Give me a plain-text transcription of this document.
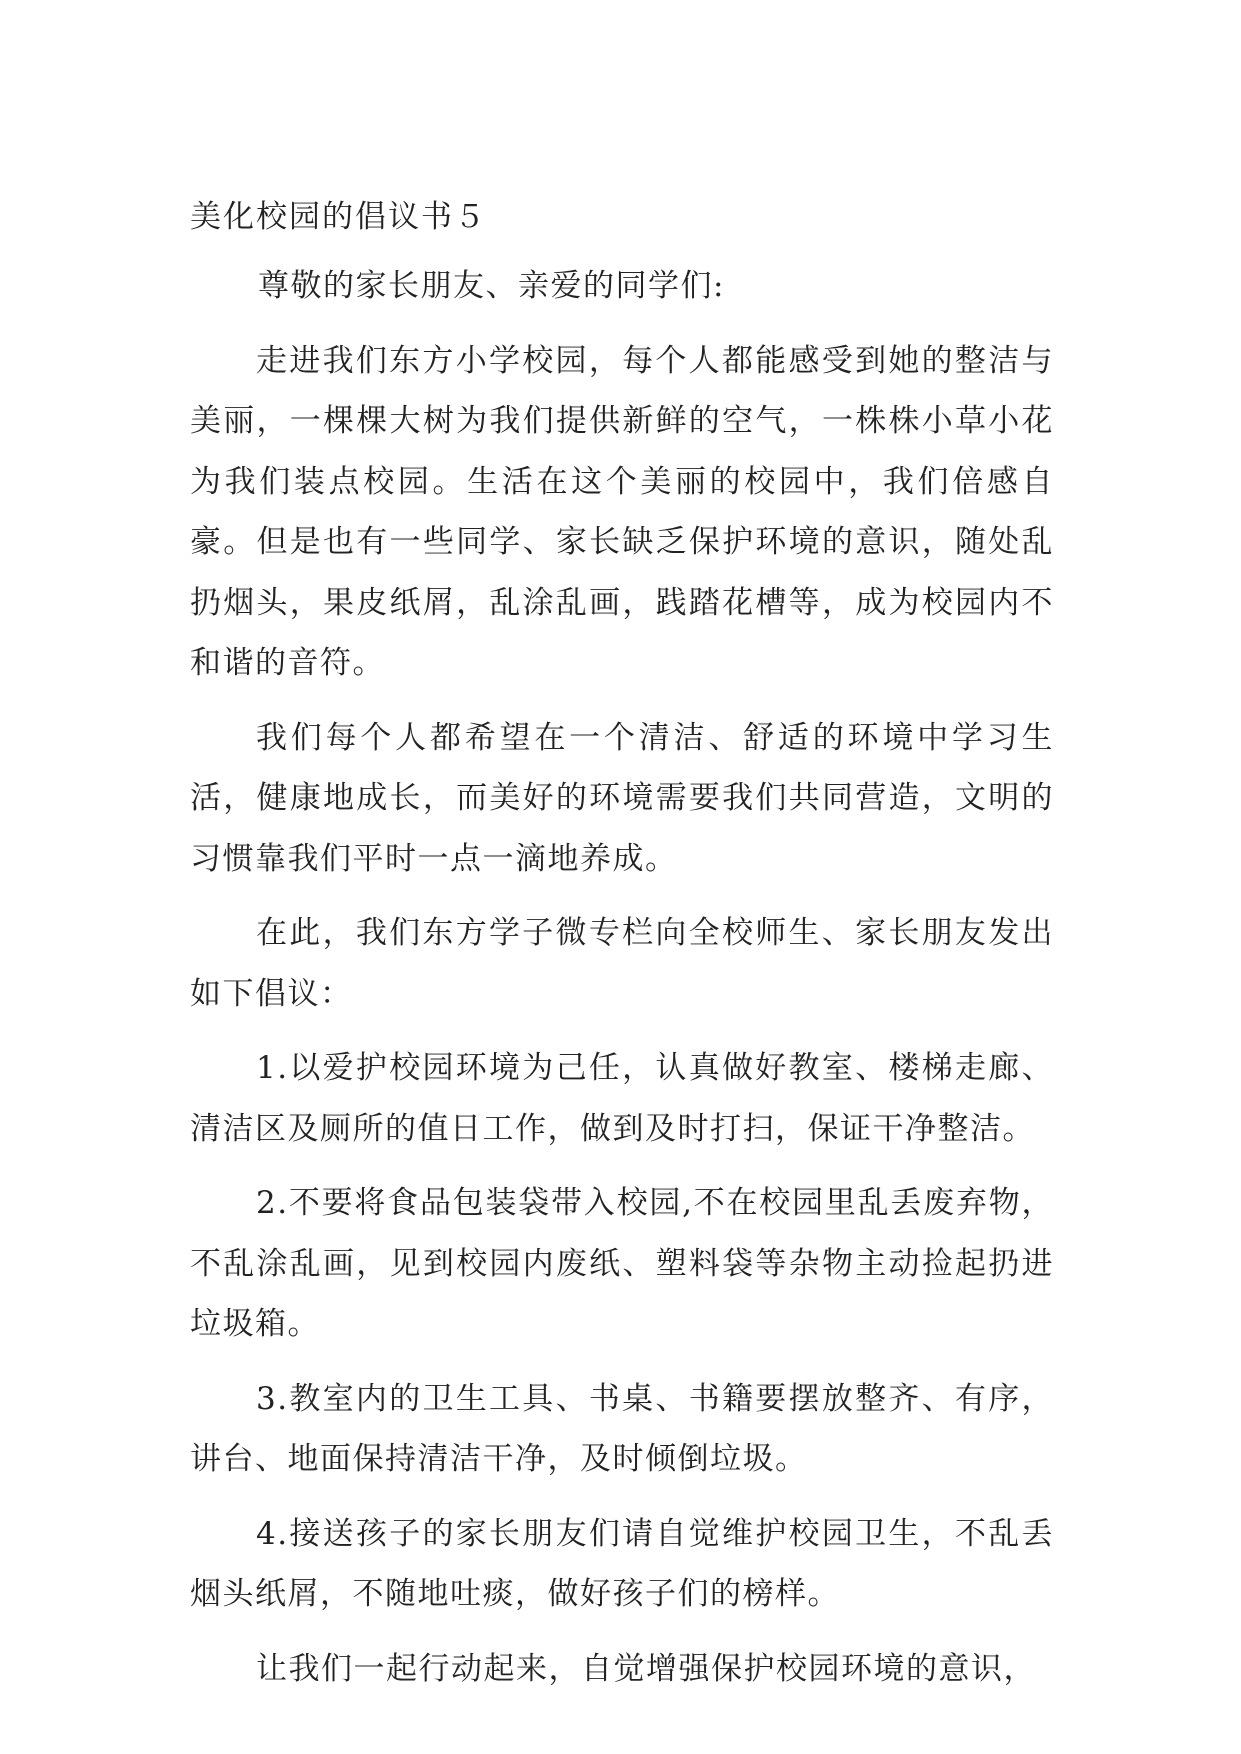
美化校园的倡议书５

尊敬的家长朋友、亲爱的同学们:

走进我们东方小学校园，每个人都能感受到她的整洁与美丽，一棵棵大树为我们提供新鲜的空气，一株株小草小花为我们装点校园。生活在这个美丽的校园中，我们倍感自豪。但是也有一些同学、家长缺乏保护环境的意识，随处乱扔烟头，果皮纸屑，乱涂乱画，践踏花槽等，成为校园内不和谐的音符。

我们每个人都希望在一个清洁、舒适的环境中学习生活，健康地成长，而美好的环境需要我们共同营造，文明的习惯靠我们平时一点一滴地养成。

在此，我们东方学子微专栏向全校师生、家长朋友发出如下倡议：

1.以爱护校园环境为己任，认真做好教室、楼梯走廊、清洁区及厕所的值日工作，做到及时打扫，保证干净整洁。

2.不要将食品包装袋带入校园,不在校园里乱丢废弃物，不乱涂乱画，见到校园内废纸、塑料袋等杂物主动捡起扔进垃圾箱。

3.教室内的卫生工具、书桌、书籍要摆放整齐、有序，讲台、地面保持清洁干净，及时倾倒垃圾。

4.接送孩子的家长朋友们请自觉维护校园卫生，不乱丢烟头纸屑，不随地吐痰，做好孩子们的榜样。

让我们一起行动起来，自觉增强保护校园环境的意识，
